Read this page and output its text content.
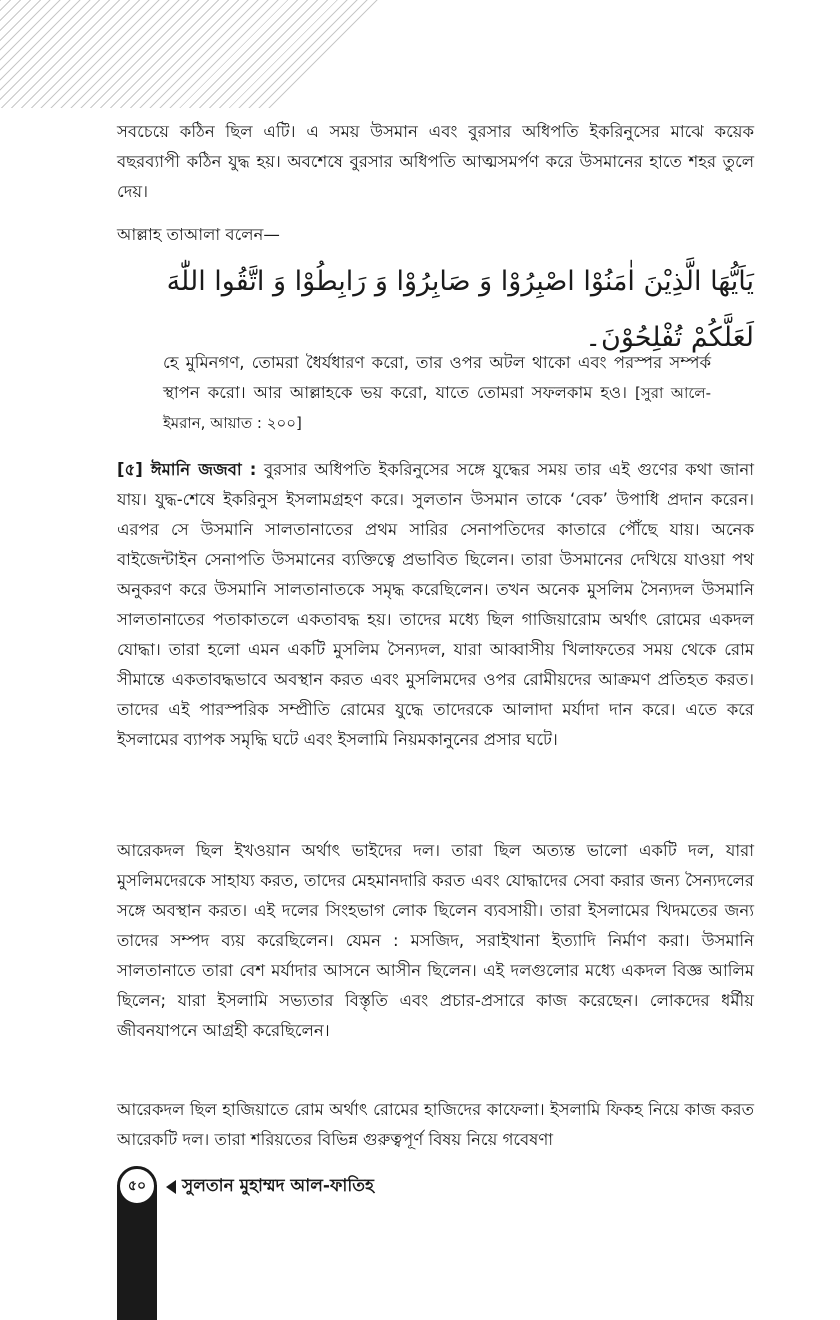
সবচেয়ে কঠিন ছিল এটি। এ সময় উসমান এবং বুরসার অধিপতি ইকরিনুসের মাঝে কয়েক বছরব্যাপী কঠিন যুদ্ধ হয়। অবশেষে বুরসার অধিপতি আত্মসমর্পণ করে উসমানের হাতে শহর তুলে দেয়।

আল্লাহ তাআলা বলেন—

يَاَيُّهَا الَّذِيْنَ اٰمَنُوْا اصْبِرُوْا وَ صَابِرُوْا وَ رَابِطُوْا وَ اتَّقُوا اللّٰهَ لَعَلَّكُمْ تُفْلِحُوْنَ۔
হে মুমিনগণ, তোমরা ধৈর্যধারণ করো, তার ওপর অটল থাকো এবং পরস্পর সম্পর্ক স্থাপন করো। আর আল্লাহকে ভয় করো, যাতে তোমরা সফলকাম হও। [সুরা আলে-ইমরান, আয়াত : ২০০]

[৫] ঈমানি জজবা : বুরসার অধিপতি ইকরিনুসের সঙ্গে যুদ্ধের সময় তার এই গুণের কথা জানা যায়। যুদ্ধ-শেষে ইকরিনুস ইসলামগ্রহণ করে। সুলতান উসমান তাকে ‘বেক’ উপাধি প্রদান করেন। এরপর সে উসমানি সালতানাতের প্রথম সারির সেনাপতিদের কাতারে পৌঁছে যায়। অনেক বাইজেন্টাইন সেনাপতি উসমানের ব্যক্তিত্বে প্রভাবিত ছিলেন। তারা উসমানের দেখিয়ে যাওয়া পথ অনুকরণ করে উসমানি সালতানাতকে সমৃদ্ধ করেছিলেন। তখন অনেক মুসলিম সৈন্যদল উসমানি সালতানাতের পতাকাতলে একতাবদ্ধ হয়। তাদের মধ্যে ছিল গাজিয়ারোম অর্থাৎ রোমের একদল যোদ্ধা। তারা হলো এমন একটি মুসলিম সৈন্যদল, যারা আব্বাসীয় খিলাফতের সময় থেকে রোম সীমান্তে একতাবদ্ধভাবে অবস্থান করত এবং মুসলিমদের ওপর রোমীয়দের আক্রমণ প্রতিহত করত। তাদের এই পারস্পরিক সম্প্রীতি রোমের যুদ্ধে তাদেরকে আলাদা মর্যাদা দান করে। এতে করে ইসলামের ব্যাপক সমৃদ্ধি ঘটে এবং ইসলামি নিয়মকানুনের প্রসার ঘটে।

আরেকদল ছিল ইখওয়ান অর্থাৎ ভাইদের দল। তারা ছিল অত্যন্ত ভালো একটি দল, যারা মুসলিমদেরকে সাহায্য করত, তাদের মেহমানদারি করত এবং যোদ্ধাদের সেবা করার জন্য সৈন্যদলের সঙ্গে অবস্থান করত। এই দলের সিংহভাগ লোক ছিলেন ব্যবসায়ী। তারা ইসলামের খিদমতের জন্য তাদের সম্পদ ব্যয় করেছিলেন। যেমন : মসজিদ, সরাইখানা ইত্যাদি নির্মাণ করা। উসমানি সালতানাতে তারা বেশ মর্যাদার আসনে আসীন ছিলেন। এই দলগুলোর মধ্যে একদল বিজ্ঞ আলিম ছিলেন; যারা ইসলামি সভ্যতার বিস্তৃতি এবং প্রচার-প্রসারে কাজ করেছেন। লোকদের ধর্মীয় জীবনযাপনে আগ্রহী করেছিলেন।

আরেকদল ছিল হাজিয়াতে রোম অর্থাৎ রোমের হাজিদের কাফেলা। ইসলামি ফিকহ নিয়ে কাজ করত আরেকটি দল। তারা শরিয়তের বিভিন্ন গুরুত্বপূর্ণ বিষয় নিয়ে গবেষণা

৫০	সুলতান মুহাম্মদ আল-ফাতিহ
